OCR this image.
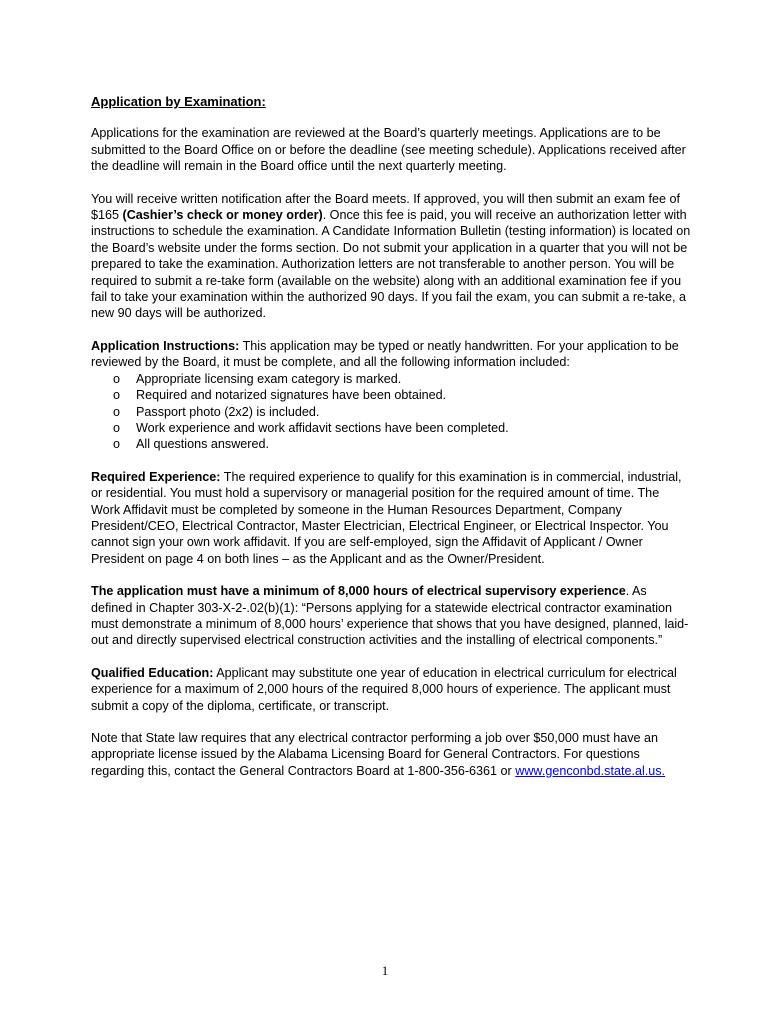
Application by Examination:

Applications for the examination are reviewed at the Board’s quarterly meetings. Applications are to be submitted to the Board Office on or before the deadline (see meeting schedule). Applications received after the deadline will remain in the Board office until the next quarterly meeting.

You will receive written notification after the Board meets. If approved, you will then submit an exam fee of $165 (Cashier’s check or money order). Once this fee is paid, you will receive an authorization letter with instructions to schedule the examination. A Candidate Information Bulletin (testing information) is located on the Board’s website under the forms section. Do not submit your application in a quarter that you will not be prepared to take the examination. Authorization letters are not transferable to another person. You will be required to submit a re-take form (available on the website) along with an additional examination fee if you fail to take your examination within the authorized 90 days. If you fail the exam, you can submit a re-take, a new 90 days will be authorized.

Application Instructions: This application may be typed or neatly handwritten. For your application to be reviewed by the Board, it must be complete, and all the following information included:
o	Appropriate licensing exam category is marked.
o	Required and notarized signatures have been obtained.
o	Passport photo (2x2) is included.
o	Work experience and work affidavit sections have been completed.
o	All questions answered.

Required Experience: The required experience to qualify for this examination is in commercial, industrial, or residential. You must hold a supervisory or managerial position for the required amount of time. The Work Affidavit must be completed by someone in the Human Resources Department, Company President/CEO, Electrical Contractor, Master Electrician, Electrical Engineer, or Electrical Inspector. You cannot sign your own work affidavit. If you are self-employed, sign the Affidavit of Applicant / Owner President on page 4 on both lines – as the Applicant and as the Owner/President.

The application must have a minimum of 8,000 hours of electrical supervisory experience. As defined in Chapter 303-X-2-.02(b)(1): “Persons applying for a statewide electrical contractor examination must demonstrate a minimum of 8,000 hours’ experience that shows that you have designed, planned, laid-out and directly supervised electrical construction activities and the installing of electrical components.”

Qualified Education: Applicant may substitute one year of education in electrical curriculum for electrical experience for a maximum of 2,000 hours of the required 8,000 hours of experience. The applicant must submit a copy of the diploma, certificate, or transcript.

Note that State law requires that any electrical contractor performing a job over $50,000 must have an appropriate license issued by the Alabama Licensing Board for General Contractors. For questions regarding this, contact the General Contractors Board at 1-800-356-6361 or www.genconbd.state.al.us.

1
